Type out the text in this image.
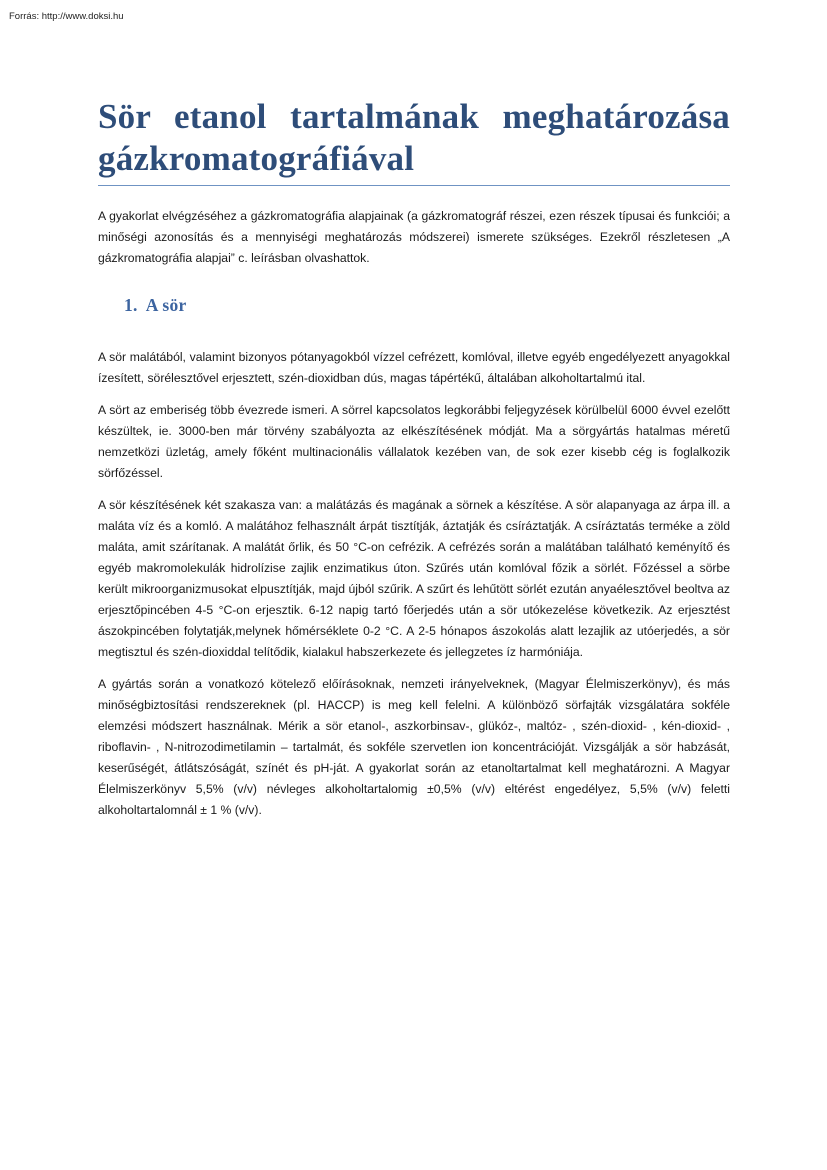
Forrás: http://www.doksi.hu
Sör etanol tartalmának meghatározása
gázkromatográfiával
A gyakorlat elvégzéséhez a gázkromatográfia alapjainak (a gázkromatográf részei, ezen részek típusai és funkciói; a minőségi azonosítás és a mennyiségi meghatározás módszerei) ismerete szükséges. Ezekről részletesen „A gázkromatográfia alapjai” c. leírásban olvashattok.
1. A sör

A sör malátából, valamint bizonyos pótanyagokból vízzel cefrézett, komlóval, illetve egyéb engedélyezett anyagokkal ízesített, sörélesztővel erjesztett, szén-dioxidban dús, magas tápértékű, általában alkoholtartalmú ital.

A sört az emberiség több évezrede ismeri. A sörrel kapcsolatos legkorábbi feljegyzések körülbelül 6000 évvel ezelőtt készültek, ie. 3000-ben már törvény szabályozta az elkészítésének módját. Ma a sörgyártás hatalmas méretű nemzetközi üzletág, amely főként multinacionális vállalatok kezében van, de sok ezer kisebb cég is foglalkozik sörfőzéssel.

A sör készítésének két szakasza van: a malátázás és magának a sörnek a készítése. A sör alapanyaga az árpa ill. a maláta víz és a komló. A malátához felhasznált árpát tisztítják, áztatják és csíráztatják. A csíráztatás terméke a zöld maláta, amit szárítanak. A malátát őrlik, és 50 °C-on cefrézik. A cefrézés során a malátában található keményítő és egyéb makromolekulák hidrolízise zajlik enzimatikus úton. Szűrés után komlóval főzik a sörlét. Főzéssel a sörbe került mikroorganizmusokat elpusztítják, majd újból szűrik. A szűrt és lehűtött sörlét ezután anyaélesztővel beoltva az erjesztőpincében 4-5 °C-on erjesztik. 6-12 napig tartó főerjedés után a sör utókezelése következik. Az erjesztést ászokpincében folytatják,melynek hőmérséklete 0-2 °C. A 2-5 hónapos ászokolás alatt lezajlik az utóerjedés, a sör megtisztul és szén-dioxiddal telítődik, kialakul habszerkezete és jellegzetes íz harmóniája.

A gyártás során a vonatkozó kötelező előírásoknak, nemzeti irányelveknek, (Magyar Élelmiszerkönyv), és más minőségbiztosítási rendszereknek (pl. HACCP) is meg kell felelni. A különböző sörfajták vizsgálatára sokféle elemzési módszert használnak. Mérik a sör etanol-, aszkorbinsav-, glükóz-, maltóz- , szén-dioxid- , kén-dioxid- , riboflavin- , N-nitrozodimetilamin – tartalmát, és sokféle szervetlen ion koncentrációját. Vizsgálják a sör habzását, keserűségét, átlátszóságát, színét és pH-ját. A gyakorlat során az etanoltartalmat kell meghatározni. A Magyar Élelmiszerkönyv 5,5% (v/v) névleges alkoholtartalomig ±0,5% (v/v) eltérést engedélyez, 5,5% (v/v) feletti alkoholtartalomnál ± 1 % (v/v).
